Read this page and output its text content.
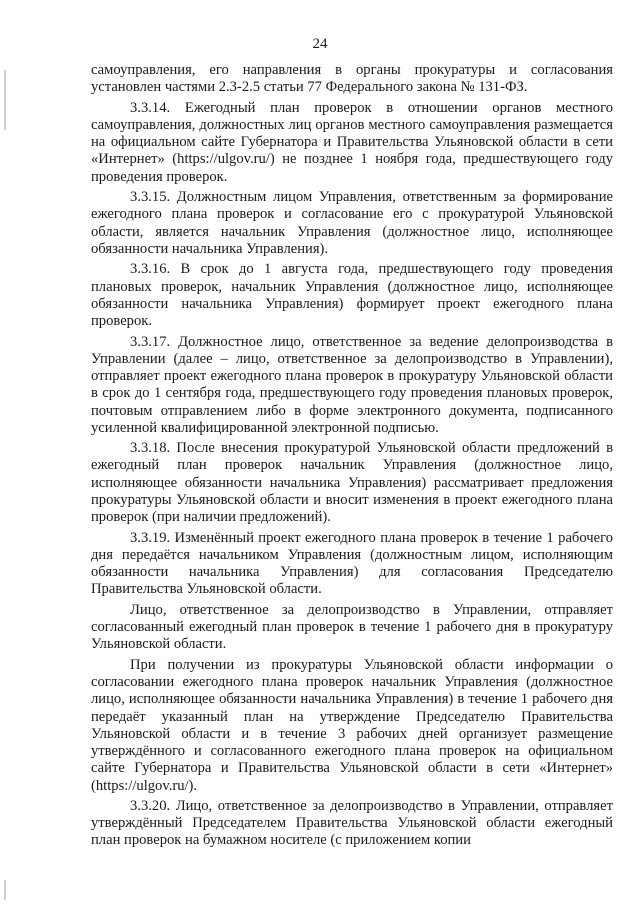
24

самоуправления, его направления в органы прокуратуры и согласования установлен частями 2.3-2.5 статьи 77 Федерального закона № 131-ФЗ.

3.3.14. Ежегодный план проверок в отношении органов местного самоуправления, должностных лиц органов местного самоуправления размещается на официальном сайте Губернатора и Правительства Ульяновской области в сети «Интернет» (https://ulgov.ru/) не позднее 1 ноября года, предшествующего году проведения проверок.

3.3.15. Должностным лицом Управления, ответственным за формирование ежегодного плана проверок и согласование его с прокуратурой Ульяновской области, является начальник Управления (должностное лицо, исполняющее обязанности начальника Управления).

3.3.16. В срок до 1 августа года, предшествующего году проведения плановых проверок, начальник Управления (должностное лицо, исполняющее обязанности начальника Управления) формирует проект ежегодного плана проверок.

3.3.17. Должностное лицо, ответственное за ведение делопроизводства в Управлении (далее – лицо, ответственное за делопроизводство в Управлении), отправляет проект ежегодного плана проверок в прокуратуру Ульяновской области в срок до 1 сентября года, предшествующего году проведения плановых проверок, почтовым отправлением либо в форме электронного документа, подписанного усиленной квалифицированной электронной подписью.

3.3.18. После внесения прокуратурой Ульяновской области предложений в ежегодный план проверок начальник Управления (должностное лицо, исполняющее обязанности начальника Управления) рассматривает предложения прокуратуры Ульяновской области и вносит изменения в проект ежегодного плана проверок (при наличии предложений).

3.3.19. Изменённый проект ежегодного плана проверок в течение 1 рабочего дня передаётся начальником Управления (должностным лицом, исполняющим обязанности начальника Управления) для согласования Председателю Правительства Ульяновской области.

Лицо, ответственное за делопроизводство в Управлении, отправляет согласованный ежегодный план проверок в течение 1 рабочего дня в прокуратуру Ульяновской области.

При получении из прокуратуры Ульяновской области информации о согласовании ежегодного плана проверок начальник Управления (должностное лицо, исполняющее обязанности начальника Управления) в течение 1 рабочего дня передаёт указанный план на утверждение Председателю Правительства Ульяновской области и в течение 3 рабочих дней организует размещение утверждённого и согласованного ежегодного плана проверок на официальном сайте Губернатора и Правительства Ульяновской области в сети «Интернет» (https://ulgov.ru/).

3.3.20. Лицо, ответственное за делопроизводство в Управлении, отправляет утверждённый Председателем Правительства Ульяновской области ежегодный план проверок на бумажном носителе (с приложением копии
